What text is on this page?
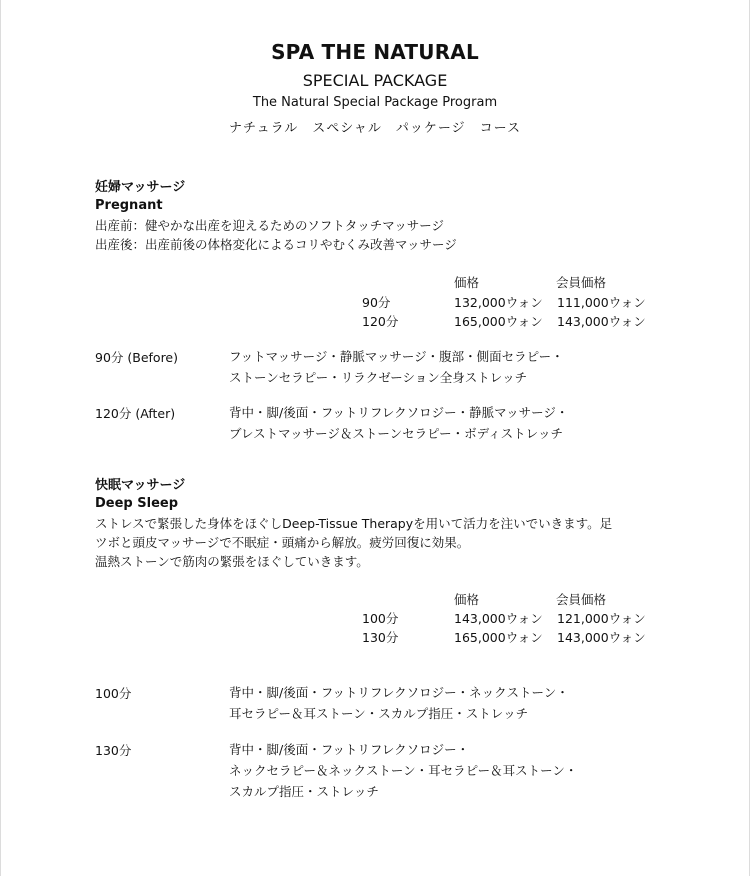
SPA THE NATURAL
SPECIAL PACKAGE
The Natural Special Package Program
ナチュラル　スペシャル　パッケージ　コース
妊婦マッサージ
Pregnant
出産前：健やかな出産を迎えるためのソフトタッチマッサージ
出産後：出産前後の体格変化によるコリやむくみ改善マッサージ
価格	会員価格
90分	132,000ウォン 111,000ウォン
120分	165,000ウォン 143,000ウォン
90分 (Before)	フットマッサージ・静脈マッサージ・腹部・側面セラピー・
ストーンセラピー・リラクゼーション全身ストレッチ
120分 (After)	背中・脚/後面・フットリフレクソロジー・静脈マッサージ・
ブレストマッサージ＆ストーンセラピー・ボディストレッチ
快眠マッサージ
Deep Sleep
ストレスで緊張した身体をほぐしDeep-Tissue Therapyを用いて活力を注いでいきます。足
ツボと頭皮マッサージで不眠症・頭痛から解放。疲労回復に効果。
温熱ストーンで筋肉の緊張をほぐしていきます。
価格	会員価格
100分	143,000ウォン 121,000ウォン
130分	165,000ウォン 143,000ウォン
100分	背中・脚/後面・フットリフレクソロジー・ネックストーン・
耳セラピー＆耳ストーン・スカルプ指圧・ストレッチ
130分	背中・脚/後面・フットリフレクソロジー・
ネックセラピー＆ネックストーン・耳セラピー＆耳ストーン・
スカルプ指圧・ストレッチ
